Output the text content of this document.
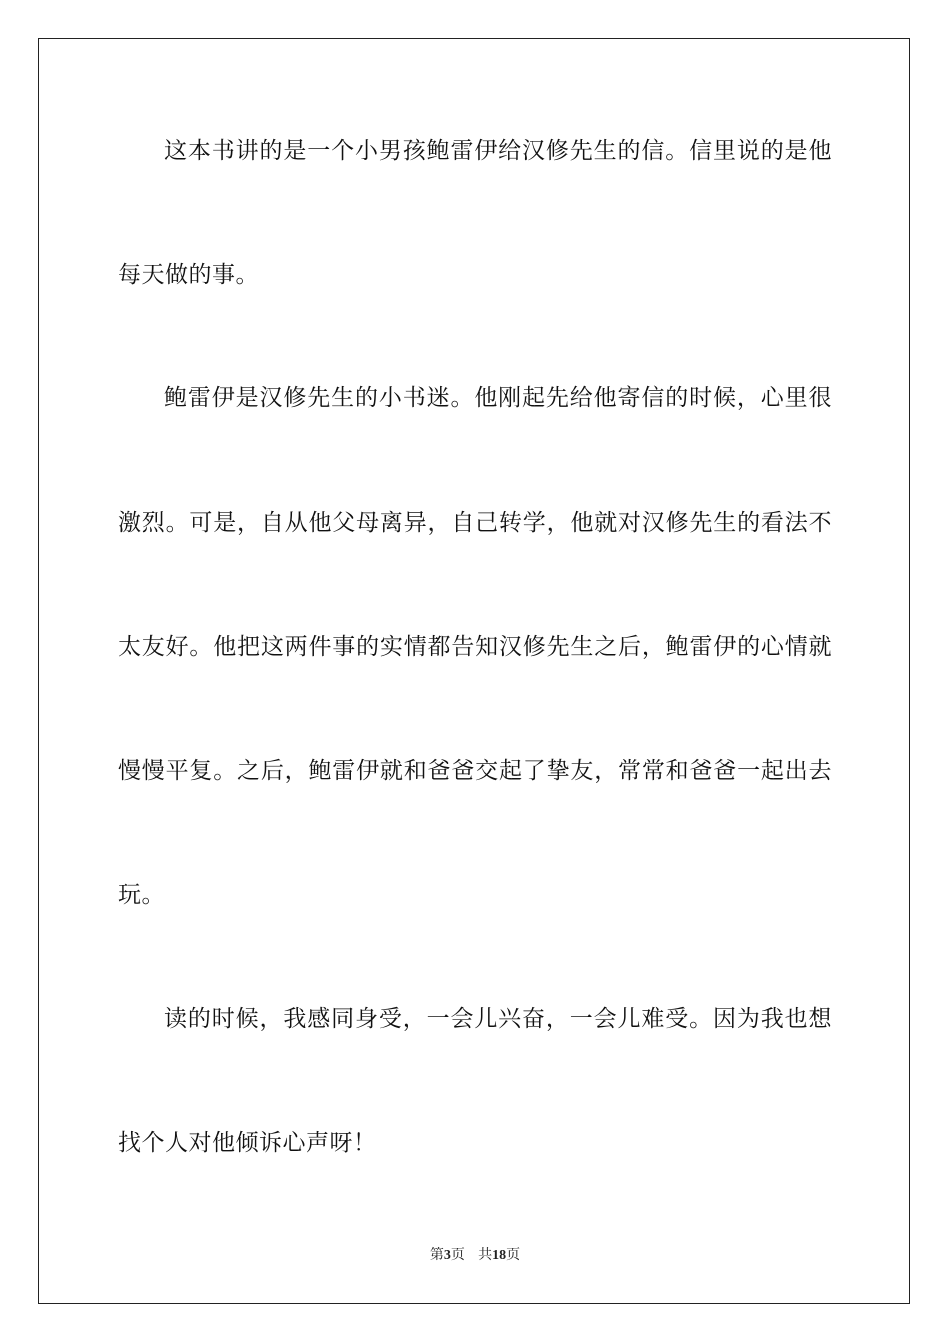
这本书讲的是一个小男孩鲍雷伊给汉修先生的信。信里说的是他
每天做的事。
鲍雷伊是汉修先生的小书迷。他刚起先给他寄信的时候，心里很
激烈。可是，自从他父母离异，自己转学，他就对汉修先生的看法不
太友好。他把这两件事的实情都告知汉修先生之后，鲍雷伊的心情就
慢慢平复。之后，鲍雷伊就和爸爸交起了挚友，常常和爸爸一起出去
玩。
读的时候，我感同身受，一会儿兴奋，一会儿难受。因为我也想
找个人对他倾诉心声呀！
第3页 共18页
